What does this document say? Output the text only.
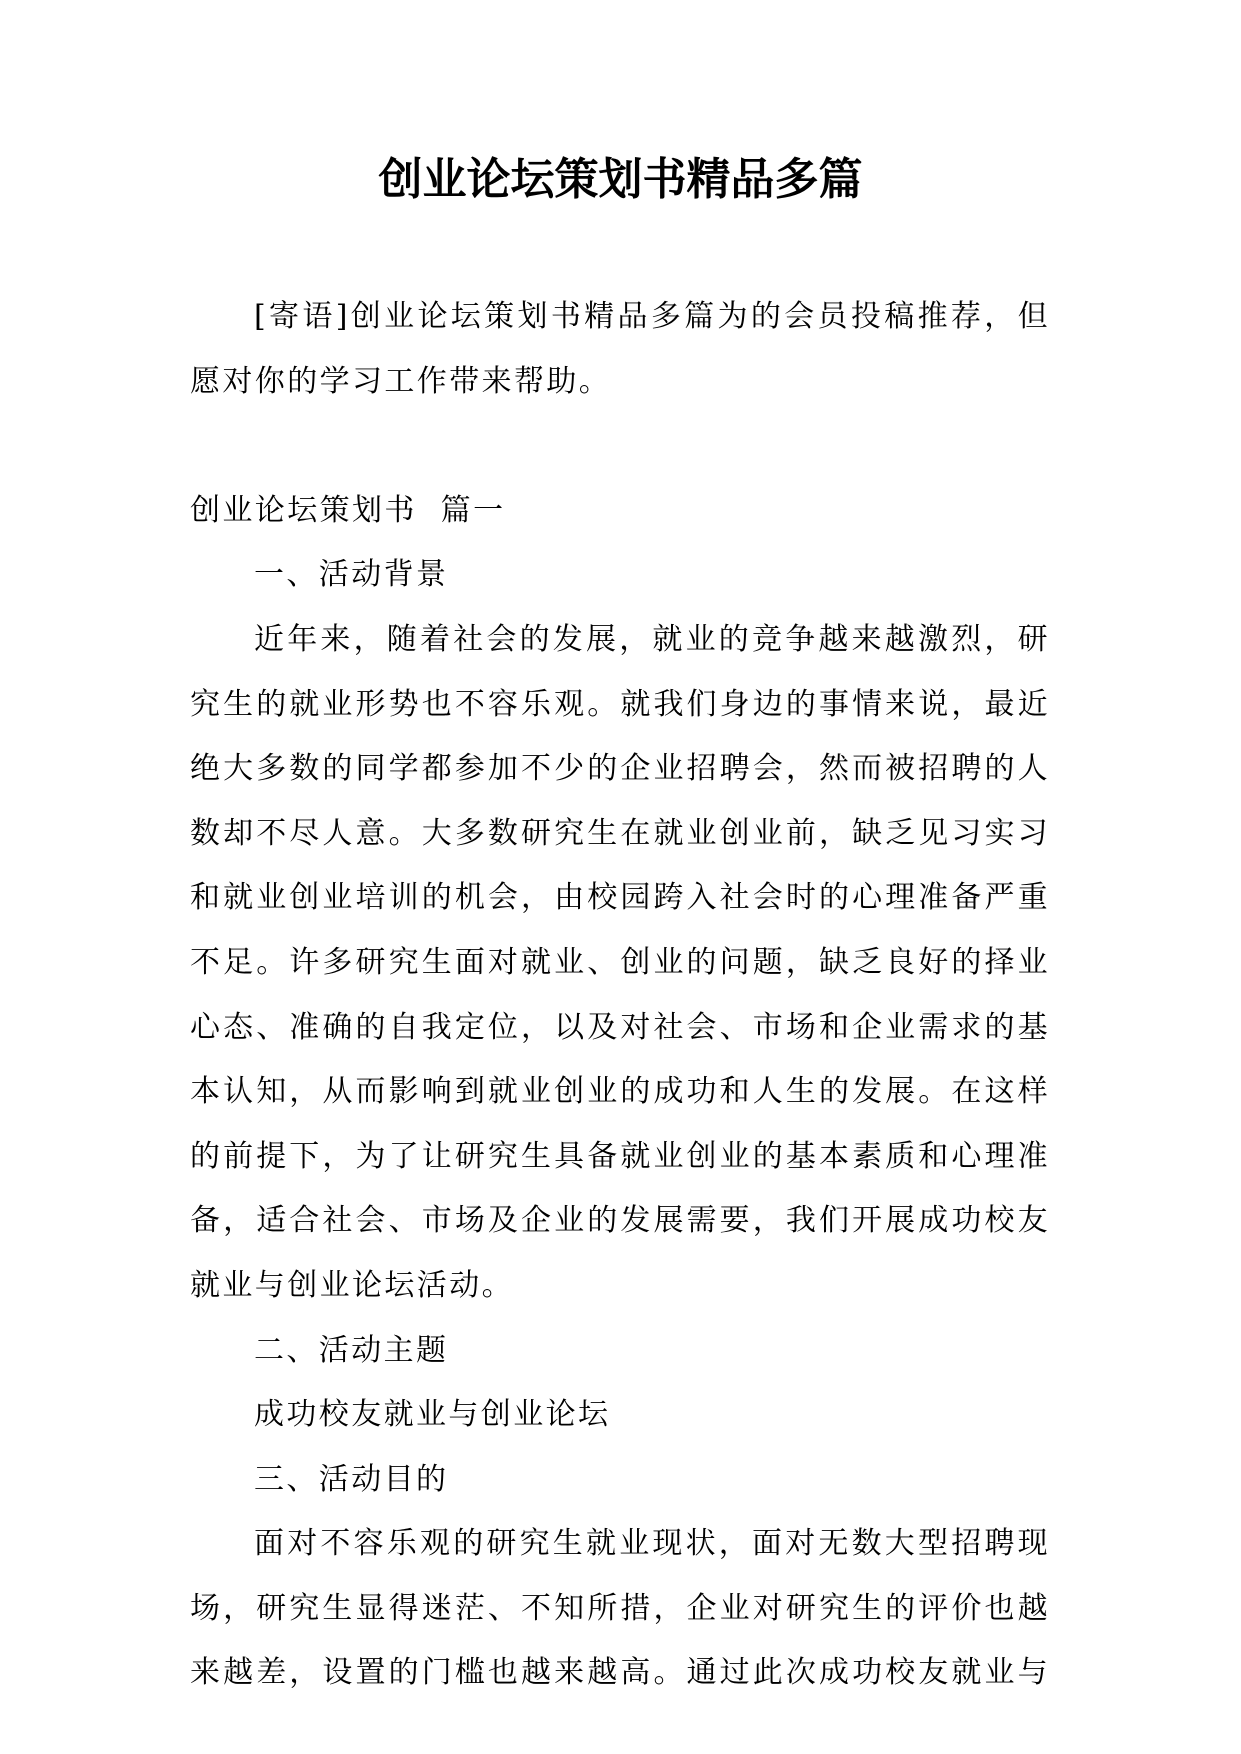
创业论坛策划书精品多篇

[寄语]创业论坛策划书精品多篇为的会员投稿推荐，但愿对你的学习工作带来帮助。

创业论坛策划书  篇一

一、活动背景

近年来，随着社会的发展，就业的竞争越来越激烈，研究生的就业形势也不容乐观。就我们身边的事情来说，最近绝大多数的同学都参加不少的企业招聘会，然而被招聘的人数却不尽人意。大多数研究生在就业创业前，缺乏见习实习和就业创业培训的机会，由校园跨入社会时的心理准备严重不足。许多研究生面对就业、创业的问题，缺乏良好的择业心态、准确的自我定位，以及对社会、市场和企业需求的基本认知，从而影响到就业创业的成功和人生的发展。在这样的前提下，为了让研究生具备就业创业的基本素质和心理准备，适合社会、市场及企业的发展需要，我们开展成功校友就业与创业论坛活动。

二、活动主题

成功校友就业与创业论坛

三、活动目的

面对不容乐观的研究生就业现状，面对无数大型招聘现场，研究生显得迷茫、不知所措，企业对研究生的评价也越来越差，设置的门槛也越来越高。通过此次成功校友就业与
